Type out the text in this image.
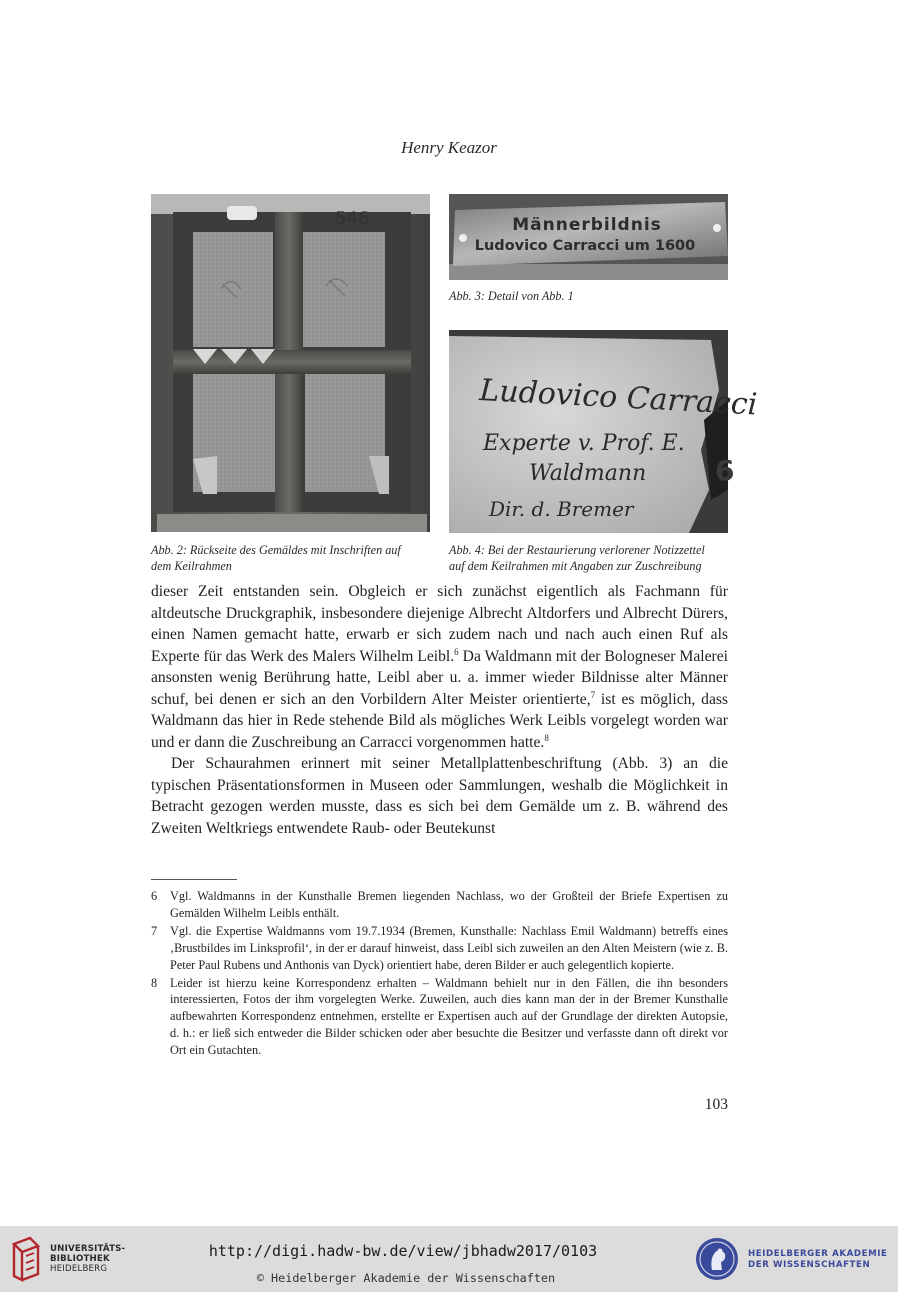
Henry Keazor
546	Männerbildnis
Ludovico Carracci um 1600
6
Ludovico Carracci
Experte v. Prof. E.
Waldmann
Dir. d. Bremer
Abb. 2: Rückseite des Gemäldes mit Inschriften auf
dem Keilrahmen
Abb. 3: Detail von Abb. 1
Abb. 4: Bei der Restaurierung verlorener Notizzettel
auf dem Keilrahmen mit Angaben zur Zuschreibung

dieser Zeit entstanden sein. Obgleich er sich zunächst eigentlich als Fachmann für altdeutsche Druckgraphik, insbesondere diejenige Albrecht Altdorfers und Albrecht Dürers, einen Namen gemacht hatte, erwarb er sich zudem nach und nach auch einen Ruf als Experte für das Werk des Malers Wilhelm Leibl.$^6$ Da Waldmann mit der Bologneser Malerei ansonsten wenig Berührung hatte, Leibl aber u. a. immer wieder Bildnisse alter Männer schuf, bei denen er sich an den Vorbildern Alter Meister orientierte,$^7$ ist es möglich, dass Waldmann das hier in Rede stehende Bild als mögliches Werk Leibls vorgelegt worden war und er dann die Zuschreibung an Carracci vorgenommen hatte.$^8$

Der Schaurahmen erinnert mit seiner Metallplattenbeschriftung (Abb. 3) an die typischen Präsentationsformen in Museen oder Sammlungen, weshalb die Möglichkeit in Betracht gezogen werden musste, dass es sich bei dem Gemälde um z. B. während des Zweiten Weltkriegs entwendete Raub- oder Beutekunst

6	Vgl. Waldmanns in der Kunsthalle Bremen liegenden Nachlass, wo der Großteil der Briefe Expertisen zu Gemälden Wilhelm Leibls enthält.
7	Vgl. die Expertise Waldmanns vom 19.7.1934 (Bremen, Kunsthalle: Nachlass Emil Waldmann) betreffs eines ‚Brustbildes im Linksprofil‘, in der er darauf hinweist, dass Leibl sich zuweilen an den Alten Meistern (wie z. B. Peter Paul Rubens und Anthonis van Dyck) orientiert habe, deren Bilder er auch gelegentlich kopierte.
8	Leider ist hierzu keine Korrespondenz erhalten – Waldmann behielt nur in den Fällen, die ihn besonders interessierten, Fotos der ihm vorgelegten Werke. Zuweilen, auch dies kann man der in der Bremer Kunsthalle aufbewahrten Korrespondenz entnehmen, erstellte er Expertisen auch auf der Grundlage der direkten Autopsie, d. h.: er ließ sich entweder die Bilder schicken oder aber besuchte die Besitzer und verfasste dann oft direkt vor Ort ein Gutachten.
103
UNIVERSITÄTS-
BIBLIOTHEK
HEIDELBERG
http://digi.hadw-bw.de/view/jbhadw2017/0103
© Heidelberger Akademie der Wissenschaften
HEIDELBERGER AKADEMIE
DER WISSENSCHAFTEN
